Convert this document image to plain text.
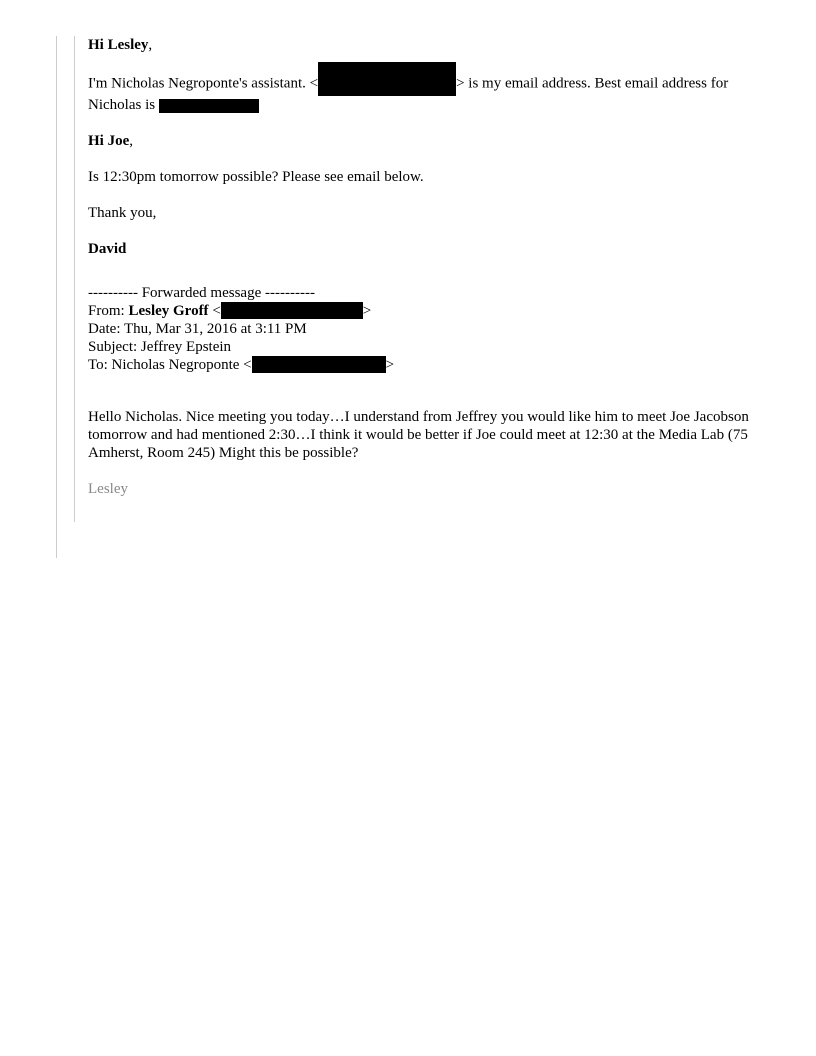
Hi Lesley,

I'm Nicholas Negroponte's assistant. <	> is my email address. Best email address for Nicholas is

Hi Joe,

Is 12:30pm tomorrow possible? Please see email below.

Thank you,

David

---------- Forwarded message ----------

From: Lesley Groff <	>

Date: Thu, Mar 31, 2016 at 3:11 PM

Subject: Jeffrey Epstein

To: Nicholas Negroponte <	>

Hello Nicholas. Nice meeting you today…I understand from Jeffrey you would like him to meet Joe Jacobson tomorrow and had mentioned 2:30…I think it would be better if Joe could meet at 12:30 at the Media Lab (75 Amherst, Room 245) Might this be possible?

Lesley
